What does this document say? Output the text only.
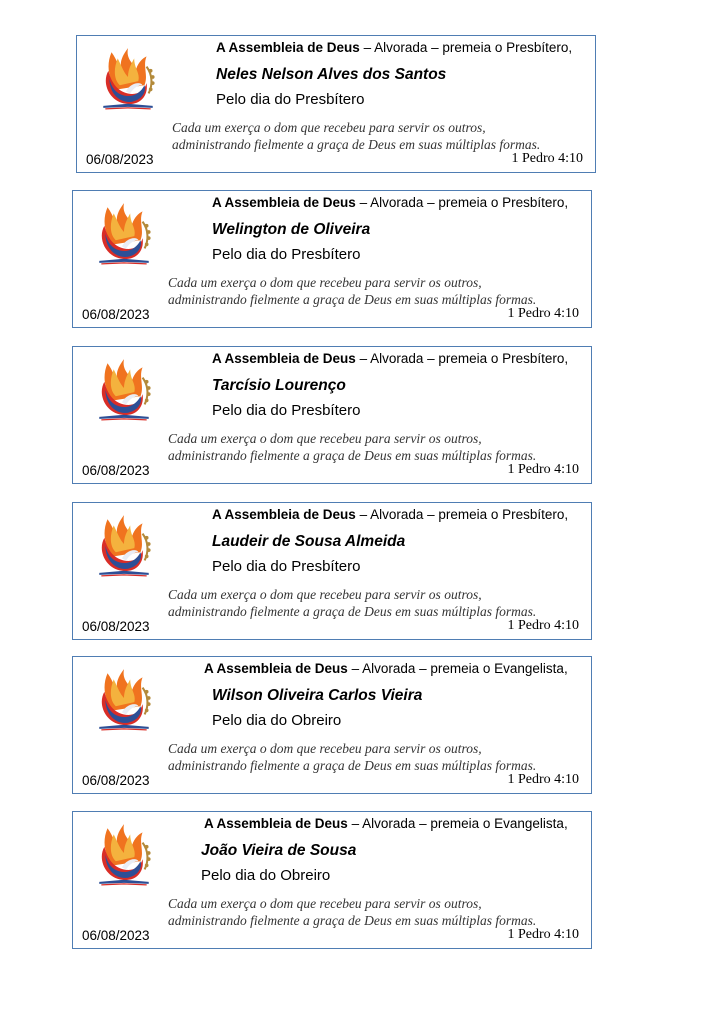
A Assembleia de Deus – Alvorada – premeia o Presbítero,
Neles Nelson Alves dos Santos
Pelo dia do Presbítero
Cada um exerça o dom que recebeu para servir os outros,
administrando fielmente a graça de Deus em suas múltiplas formas.
06/08/2023	1 Pedro 4:10
A Assembleia de Deus – Alvorada – premeia o Presbítero,
Welington de Oliveira
Pelo dia do Presbítero
Cada um exerça o dom que recebeu para servir os outros,
administrando fielmente a graça de Deus em suas múltiplas formas.
06/08/2023	1 Pedro 4:10
A Assembleia de Deus – Alvorada – premeia o Presbítero,
Tarcísio Lourenço
Pelo dia do Presbítero
Cada um exerça o dom que recebeu para servir os outros,
administrando fielmente a graça de Deus em suas múltiplas formas.
06/08/2023	1 Pedro 4:10
A Assembleia de Deus – Alvorada – premeia o Presbítero,
Laudeir de Sousa Almeida
Pelo dia do Presbítero
Cada um exerça o dom que recebeu para servir os outros,
administrando fielmente a graça de Deus em suas múltiplas formas.
06/08/2023	1 Pedro 4:10
A Assembleia de Deus – Alvorada – premeia o Evangelista,
Wilson Oliveira Carlos Vieira
Pelo dia do Obreiro
Cada um exerça o dom que recebeu para servir os outros,
administrando fielmente a graça de Deus em suas múltiplas formas.
06/08/2023	1 Pedro 4:10
A Assembleia de Deus – Alvorada – premeia o Evangelista,
João Vieira de Sousa
Pelo dia do Obreiro
Cada um exerça o dom que recebeu para servir os outros,
administrando fielmente a graça de Deus em suas múltiplas formas.
06/08/2023	1 Pedro 4:10
